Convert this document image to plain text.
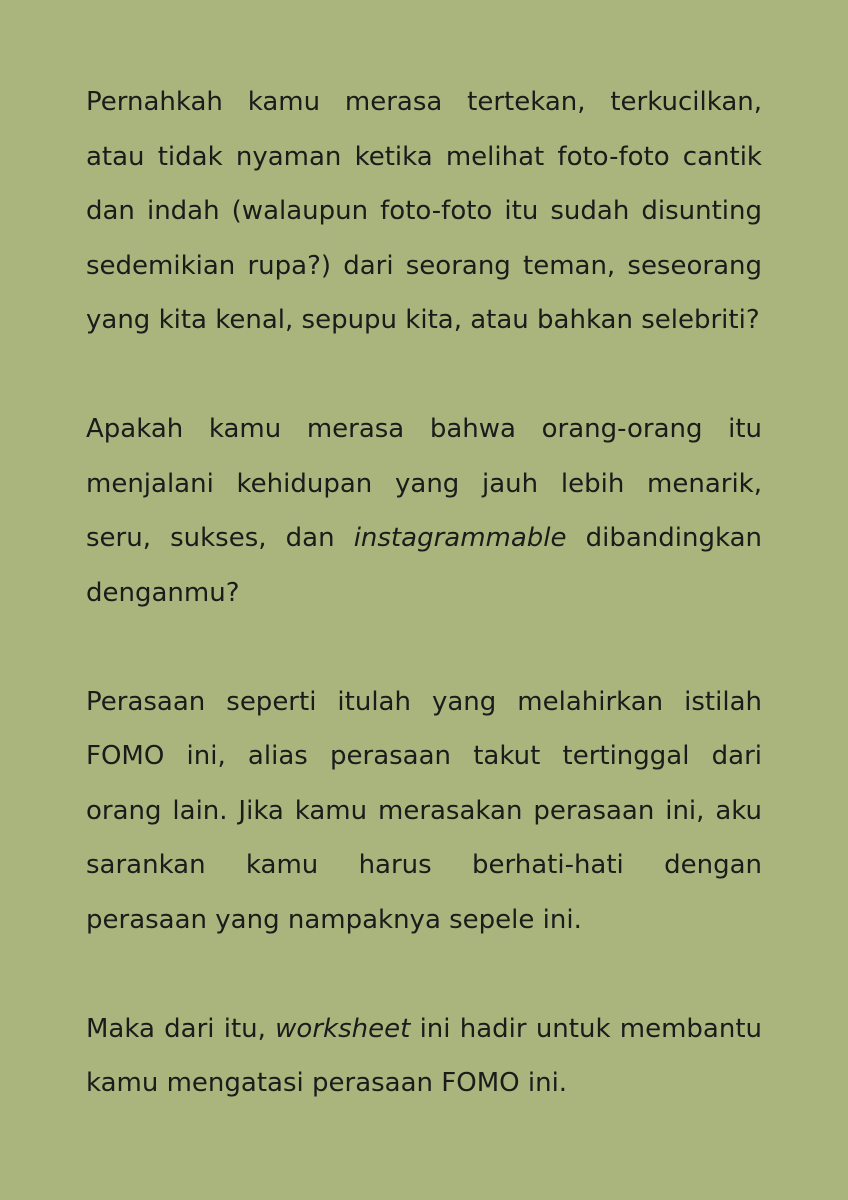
Pernahkah kamu merasa tertekan, terkucilkan, atau tidak nyaman ketika melihat foto-foto cantik dan indah (walaupun foto-foto itu sudah disunting sedemikian rupa?) dari seorang teman, seseorang yang kita kenal, sepupu kita, atau bahkan selebriti?

Apakah kamu merasa bahwa orang-orang itu menjalani kehidupan yang jauh lebih menarik, seru, sukses, dan instagrammable dibandingkan denganmu?

Perasaan seperti itulah yang melahirkan istilah FOMO ini, alias perasaan takut tertinggal dari orang lain. Jika kamu merasakan perasaan ini, aku sarankan kamu harus berhati-hati dengan perasaan yang nampaknya sepele ini.

Maka dari itu, worksheet ini hadir untuk membantu kamu mengatasi perasaan FOMO ini.
